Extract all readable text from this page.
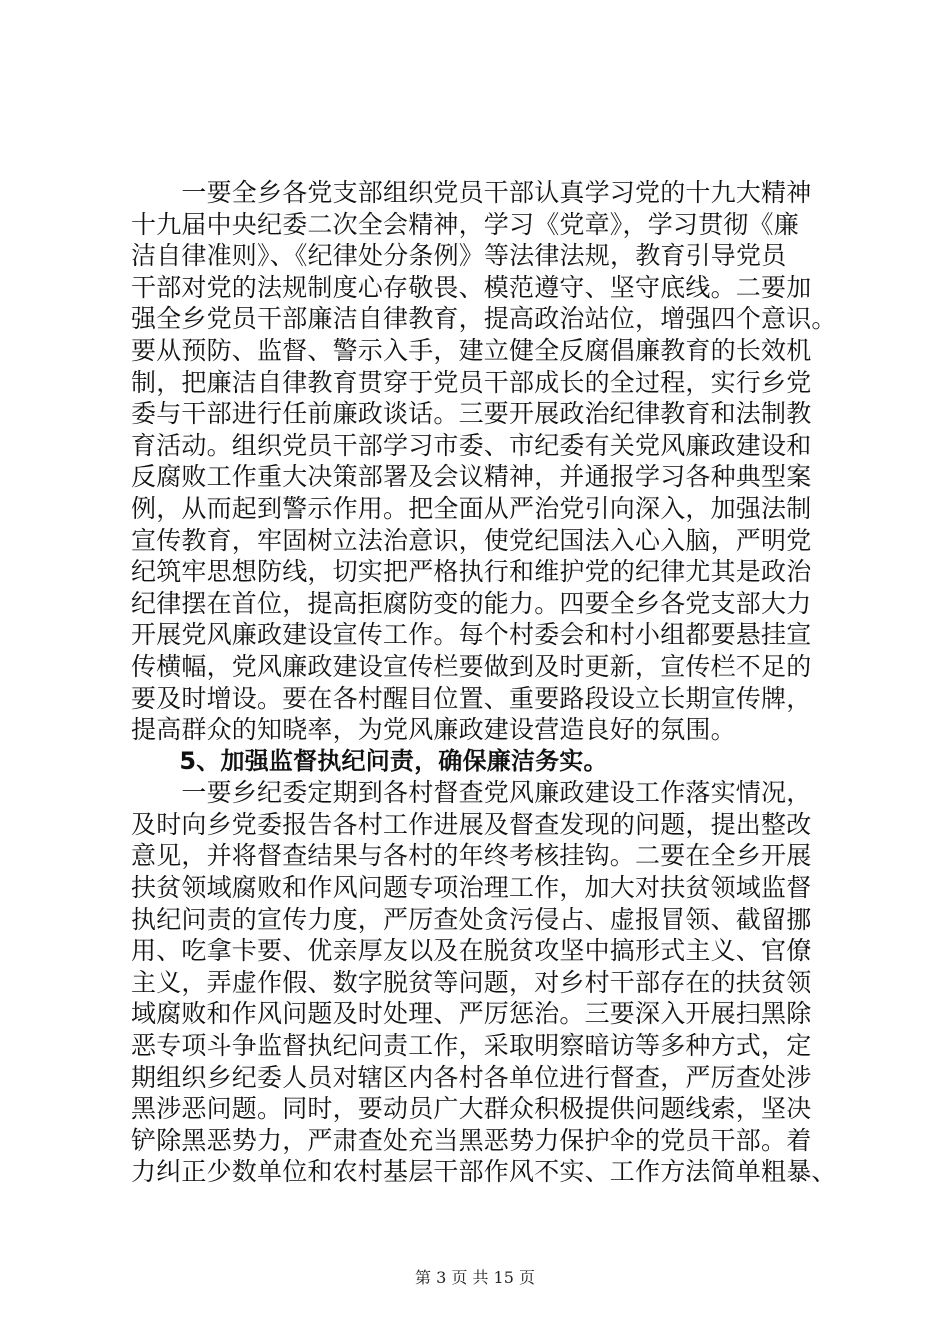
　　一要全乡各党支部组织党员干部认真学习党的十九大精神
十九届中央纪委二次全会精神，学习《党章》，学习贯彻《廉
洁自律准则》、《纪律处分条例》等法律法规，教育引导党员
干部对党的法规制度心存敬畏、模范遵守、坚守底线。二要加
强全乡党员干部廉洁自律教育，提高政治站位，增强四个意识。
要从预防、监督、警示入手，建立健全反腐倡廉教育的长效机
制，把廉洁自律教育贯穿于党员干部成长的全过程，实行乡党
委与干部进行任前廉政谈话。三要开展政治纪律教育和法制教
育活动。组织党员干部学习市委、市纪委有关党风廉政建设和
反腐败工作重大决策部署及会议精神，并通报学习各种典型案
例，从而起到警示作用。把全面从严治党引向深入，加强法制
宣传教育，牢固树立法治意识，使党纪国法入心入脑，严明党
纪筑牢思想防线，切实把严格执行和维护党的纪律尤其是政治
纪律摆在首位，提高拒腐防变的能力。四要全乡各党支部大力
开展党风廉政建设宣传工作。每个村委会和村小组都要悬挂宣
传横幅，党风廉政建设宣传栏要做到及时更新，宣传栏不足的
要及时增设。要在各村醒目位置、重要路段设立长期宣传牌，
提高群众的知晓率，为党风廉政建设营造良好的氛围。
　　5、加强监督执纪问责，确保廉洁务实。
　　一要乡纪委定期到各村督查党风廉政建设工作落实情况，
及时向乡党委报告各村工作进展及督查发现的问题，提出整改
意见，并将督查结果与各村的年终考核挂钩。二要在全乡开展
扶贫领域腐败和作风问题专项治理工作，加大对扶贫领域监督
执纪问责的宣传力度，严厉查处贪污侵占、虚报冒领、截留挪
用、吃拿卡要、优亲厚友以及在脱贫攻坚中搞形式主义、官僚
主义，弄虚作假、数字脱贫等问题，对乡村干部存在的扶贫领
域腐败和作风问题及时处理、严厉惩治。三要深入开展扫黑除
恶专项斗争监督执纪问责工作，采取明察暗访等多种方式，定
期组织乡纪委人员对辖区内各村各单位进行督查，严厉查处涉
黑涉恶问题。同时，要动员广大群众积极提供问题线索，坚决
铲除黑恶势力，严肃查处充当黑恶势力保护伞的党员干部。着
力纠正少数单位和农村基层干部作风不实、工作方法简单粗暴、
第 3 页 共 15 页
